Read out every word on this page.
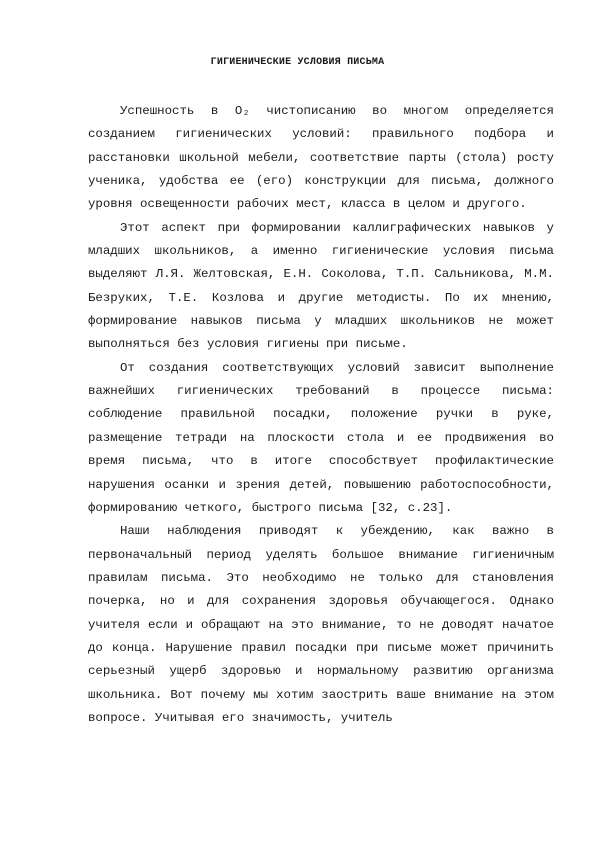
ГИГИЕНИЧЕСКИЕ УСЛОВИЯ ПИСЬМА

Успешность в О₂ чистописанию во многом определяется созданием гигиенических условий: правильного подбора и расстановки школьной мебели, соответствие парты (стола) росту ученика, удобства ее (его) конструкции для письма, должного уровня освещенности рабочих мест, класса в целом и другого.

Этот аспект при формировании каллиграфических навыков у младших школьников, а именно гигиенические условия письма выделяют Л.Я. Желтовская, Е.Н. Соколова, Т.П. Сальникова, М.М. Безруких, Т.Е. Козлова и другие методисты. По их мнению, формирование навыков письма у младших школьников не может выполняться без условия гигиены при письме.

От создания соответствующих условий зависит выполнение важнейших гигиенических требований в процессе письма: соблюдение правильной посадки, положение ручки в руке, размещение тетради на плоскости стола и ее продвижения во время письма, что в итоге способствует профилактические нарушения осанки и зрения детей, повышению работоспособности, формированию четкого, быстрого письма [32, с.23].

Наши наблюдения приводят к убеждению, как важно в первоначальный период уделять большое внимание гигиеничным правилам письма. Это необходимо не только для становления почерка, но и для сохранения здоровья обучающегося. Однако учителя если и обращают на это внимание, то не доводят начатое до конца. Нарушение правил посадки при письме может причинить серьезный ущерб здоровью и нормальному развитию организма школьника. Вот почему мы хотим заострить ваше внимание на этом вопросе. Учитывая его значимость, учитель
